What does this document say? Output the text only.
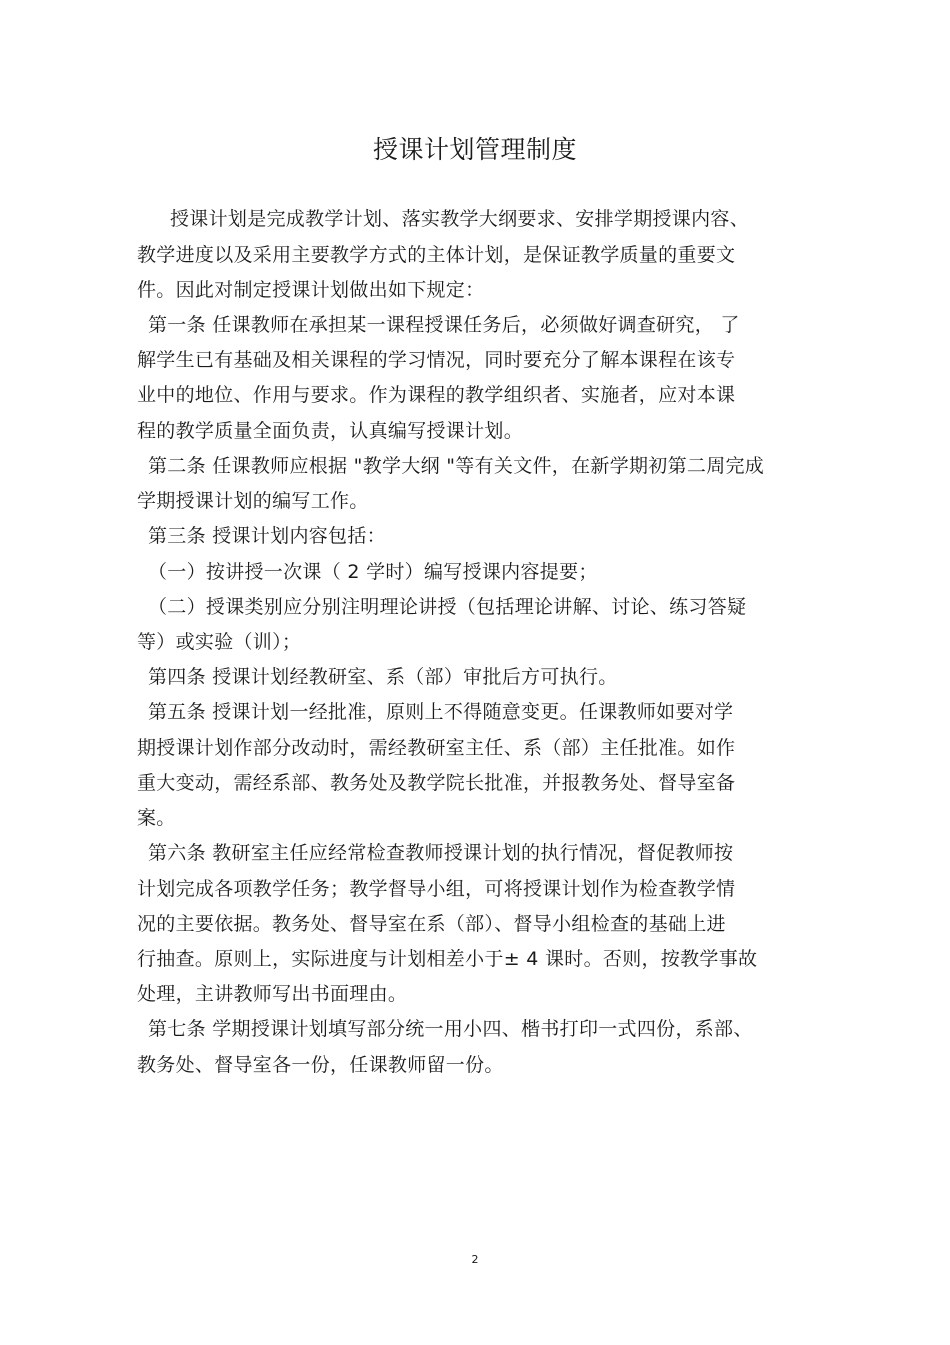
授课计划管理制度
授课计划是完成教学计划、落实教学大纲要求、安排学期授课内容、
教学进度以及采用主要教学方式的主体计划，是保证教学质量的重要文
件。因此对制定授课计划做出如下规定：
第一条 任课教师在承担某一课程授课任务后，必须做好调查研究， 了
解学生已有基础及相关课程的学习情况，同时要充分了解本课程在该专
业中的地位、作用与要求。作为课程的教学组织者、实施者，应对本课
程的教学质量全面负责，认真编写授课计划。
第二条 任课教师应根据 "教学大纲 "等有关文件，在新学期初第二周完成
学期授课计划的编写工作。
第三条 授课计划内容包括：
（一）按讲授一次课（ 2 学时）编写授课内容提要；
（二）授课类别应分别注明理论讲授（包括理论讲解、讨论、练习答疑
等）或实验（训）；
第四条 授课计划经教研室、系（部）审批后方可执行。
第五条 授课计划一经批准，原则上不得随意变更。任课教师如要对学
期授课计划作部分改动时，需经教研室主任、系（部）主任批准。如作
重大变动，需经系部、教务处及教学院长批准，并报教务处、督导室备
案。
第六条 教研室主任应经常检查教师授课计划的执行情况，督促教师按
计划完成各项教学任务；教学督导小组，可将授课计划作为检查教学情
况的主要依据。教务处、督导室在系（部）、督导小组检查的基础上进
行抽查。原则上，实际进度与计划相差小于± 4 课时。否则，按教学事故
处理，主讲教师写出书面理由。
第七条 学期授课计划填写部分统一用小四、楷书打印一式四份，系部、
教务处、督导室各一份，任课教师留一份。
2
